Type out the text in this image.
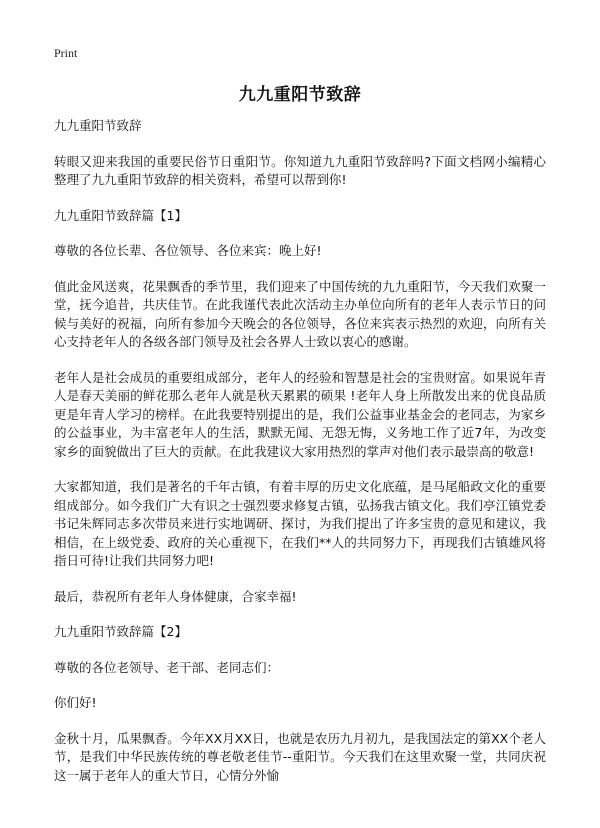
Print
九九重阳节致辞

九九重阳节致辞

转眼又迎来我国的重要民俗节日重阳节。你知道九九重阳节致辞吗?下面文档网小编精心整理了九九重阳节致辞的相关资料，希望可以帮到你!

九九重阳节致辞篇【1】

尊敬的各位长辈、各位领导、各位来宾：晚上好!

值此金风送爽，花果飘香的季节里，我们迎来了中国传统的九九重阳节，今天我们欢聚一堂，抚今追昔，共庆佳节。在此我谨代表此次活动主办单位向所有的老年人表示节日的问候与美好的祝福，向所有参加今天晚会的各位领导，各位来宾表示热烈的欢迎，向所有关心支持老年人的各级各部门领导及社会各界人士致以衷心的感谢。

老年人是社会成员的重要组成部分，老年人的经验和智慧是社会的宝贵财富。如果说年青人是春天美丽的鲜花那么老年人就是秋天累累的硕果 !老年人身上所散发出来的优良品质更是年青人学习的榜样。在此我要特别提出的是，我们公益事业基金会的老同志，为家乡的公益事业，为丰富老年人的生活，默默无闻、无怨无悔，义务地工作了近7年，为改变家乡的面貌做出了巨大的贡献。在此我建议大家用热烈的掌声对他们表示最崇高的敬意!

大家都知道，我们是著名的千年古镇，有着丰厚的历史文化底蕴，是马尾船政文化的重要组成部分。如今我们广大有识之士强烈要求修复古镇，弘扬我古镇文化。我们亭江镇党委书记朱辉同志多次带员来进行实地调研、探讨，为我们提出了许多宝贵的意见和建议，我相信，在上级党委、政府的关心重视下，在我们**人的共同努力下，再现我们古镇雄风将指日可待!让我们共同努力吧!

最后，恭祝所有老年人身体健康，合家幸福!

九九重阳节致辞篇【2】

尊敬的各位老领导、老干部、老同志们：

你们好!

金秋十月，瓜果飘香。今年XX月XX日，也就是农历九月初九，是我国法定的第XX个老人节，是我们中华民族传统的尊老敬老佳节--重阳节。今天我们在这里欢聚一堂，共同庆祝这一属于老年人的重大节日，心情分外愉
